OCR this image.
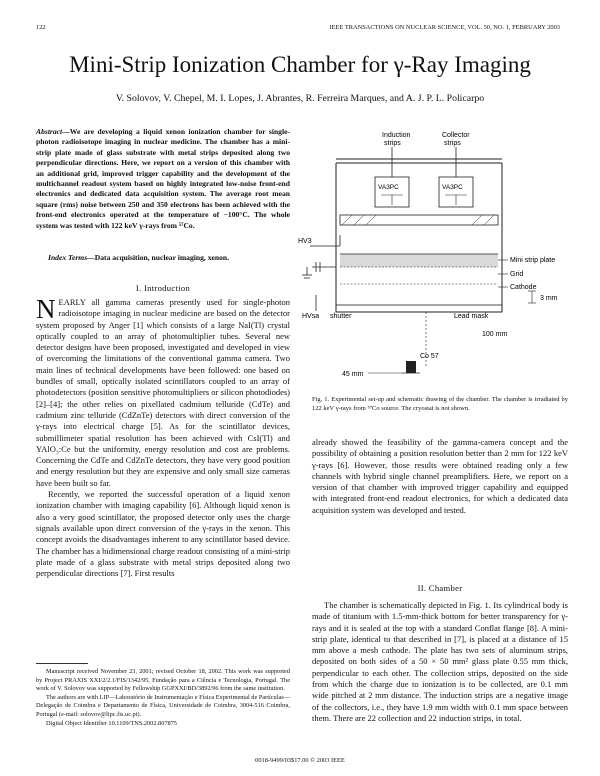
122	IEEE TRANSACTIONS ON NUCLEAR SCIENCE, VOL. 50, NO. 1, FEBRUARY 2003
Mini-Strip Ionization Chamber for γ-Ray Imaging
V. Solovov, V. Chepel, M. I. Lopes, J. Abrantes, R. Ferreira Marques, and A. J. P. L. Policarpo
Abstract—We are developing a liquid xenon ionization chamber for single-photon radioisotope imaging in nuclear medicine. The chamber has a mini-strip plate made of glass substrate with metal strips deposited along two perpendicular directions. Here, we report on a version of this chamber with an additional grid, improved trigger capability and the development of the multichannel readout system based on highly integrated low-noise front-end electronics and dedicated data acquisition system. The average root mean square (rms) noise between 250 and 350 electrons has been achieved with the front-end electronics operated at the temperature of −100°C. The whole system was tested with 122 keV γ-rays from ⁵⁷Co.
Index Terms—Data acquisition, nuclear imaging, xenon.
I. Introduction

NEARLY all gamma cameras presently used for single-photon radioisotope imaging in nuclear medicine are based on the detector system proposed by Anger [1] which consists of a large NaI(Tl) crystal optically coupled to an array of photomultiplier tubes. Several new detector designs have been proposed, investigated and developed in view of overcoming the limitations of the conventional gamma camera. Two main lines of technical developments have been followed: one based on bundles of small, optically isolated scintillators coupled to an array of photodetectors (position sensitive photomultipliers or silicon photodiodes) [2]–[4]; the other relies on pixellated cadmium telluride (CdTe) and cadmium zinc telluride (CdZnTe) detectors with direct conversion of the γ-rays into electrical charge [5]. As for the scintillator devices, submillimeter spatial resolution has been achieved with CsI(Tl) and YAlO₃:Ce but the uniformity, energy resolution and cost are problems. Concerning the CdTe and CdZnTe detectors, they have very good position and energy resolution but they are expensive and only small size cameras have been built so far.

Recently, we reported the successful operation of a liquid xenon ionization chamber with imaging capability [6]. Although liquid xenon is also a very good scintillator, the proposed detector only uses the charge signals available upon direct conversion of the γ-rays in the xenon. This concept avoids the disadvantages inherent to any scintillator based device. The chamber has a bidimensional charge readout consisting of a mini-strip plate made of a glass substrate with metal strips deposited along two perpendicular directions [7]. First results

Manuscript received November 23, 2001; revised October 18, 2002. This work was supported by Project PRAXIS XXI/2/2.1/FIS/1342/95, Fundação para a Ciência e Tecnologia, Portugal. The work of V. Solovov was supported by Fellowship GGPXXI/BD/3892/96 from the same institution.

The authors are with LIP—Laboratório de Instrumentação e Física Experimental de Partículas—Delegação de Coimbra e Departamento de Física, Universidade de Coimbra, 3004-516 Coimbra, Portugal (e-mail: solovov@lipc.fis.uc.pt).

Digital Object Identifier 10.1109/TNS.2002.807875

Induction
strips
Collector
strips
VA3PC	VA3PC
HV3
Mini strip plate
Grid
Cathode
3 mm
HVsa shutter	Lead mask
100 mm
Co 57
45 mm
Fig. 1. Experimental set-up and schematic drawing of the chamber. The chamber is irradiated by 122 keV γ-rays from ⁵⁷Co source. The cryostat is not shown.

already showed the feasibility of the gamma-camera concept and the possibility of obtaining a position resolution better than 2 mm for 122 keV γ-rays [6]. However, those results were obtained reading only a few channels with hybrid single channel preamplifiers. Here, we report on a version of that chamber with improved trigger capability and equipped with integrated front-end readout electronics, for which a dedicated data acquisition system was developed and tested.

II. Chamber

The chamber is schematically depicted in Fig. 1. Its cylindrical body is made of titanium with 1.5-mm-thick bottom for better transparency for γ-rays and it is sealed at the top with a standard Conflat flange [8]. A mini-strip plate, identical to that described in [7], is placed at a distance of 15 mm above a mesh cathode. The plate has two sets of aluminum strips, deposited on both sides of a 50 × 50 mm² glass plate 0.55 mm thick, perpendicular to each other. The collection strips, deposited on the side from which the charge due to ionization is to be collected, are 0.1 mm wide pitched at 2 mm distance. The induction strips are a negative image of the collectors, i.e., they have 1.9 mm width with 0.1 mm space between them. There are 22 collection and 22 induction strips, in total.

0018-9499/03$17.00 © 2003 IEEE
